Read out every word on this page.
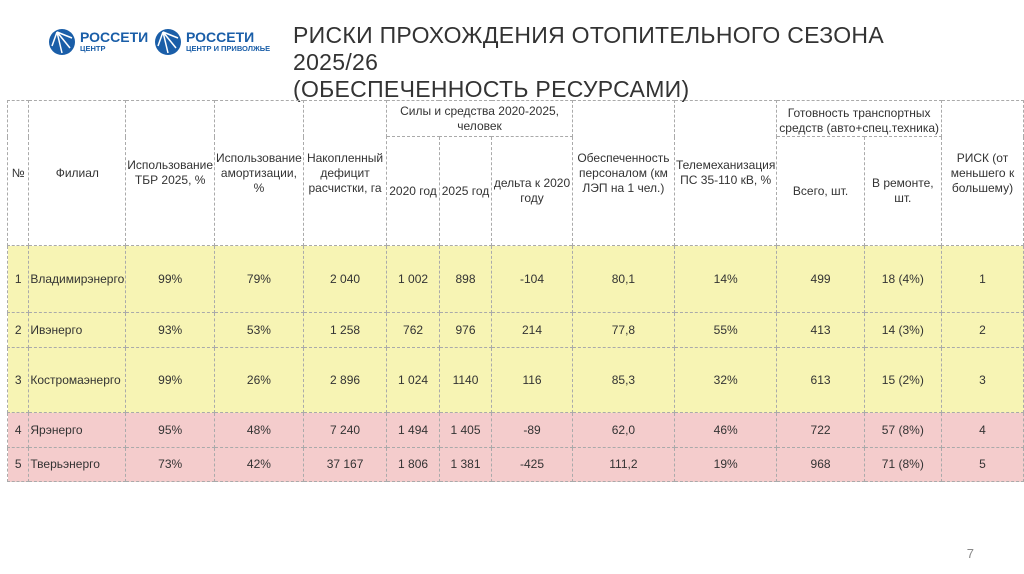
РОССЕТИ
ЦЕНТР
РОССЕТИ
ЦЕНТР И ПРИВОЛЖЬЕ
РИСКИ ПРОХОЖДЕНИЯ ОТОПИТЕЛЬНОГО СЕЗОНА
2025/26
(ОБЕСПЕЧЕННОСТЬ РЕСУРСАМИ)
№	Филиал	Использование ТБР 2025, %	Использование амортизации, %	Накопленный дефицит расчистки, га	Силы и средства 2020-2025, человек			Обеспеченность персоналом (км ЛЭП на 1 чел.)	Телемеханизация ПС 35-110 кВ, %	Готовность транспортных средств (авто+спец.техника)		РИСК (от меньшего к большему)
					2020 год	2025 год	дельта к 2020 году			Всего, шт.	В ремонте, шт.	
1	Владимирэнерго	99%	79%	2 040	1 002	898	-104	80,1	14%	499	18 (4%)	1
2	Ивэнерго	93%	53%	1 258	762	976	214	77,8	55%	413	14 (3%)	2
3	Костромаэнерго	99%	26%	2 896	1 024	1140	116	85,3	32%	613	15 (2%)	3
4	Ярэнерго	95%	48%	7 240	1 494	1 405	-89	62,0	46%	722	57 (8%)	4
5	Тверьэнерго	73%	42%	37 167	1 806	1 381	-425	111,2	19%	968	71 (8%)	5
7
